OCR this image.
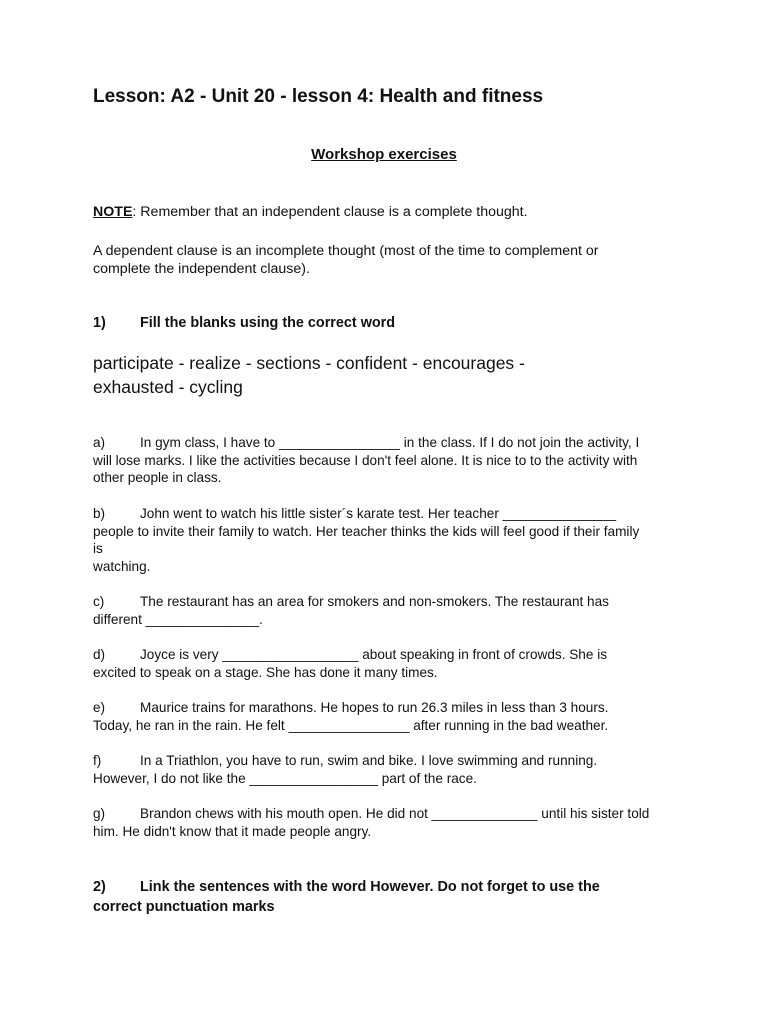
Lesson: A2 - Unit 20 - lesson 4: Health and fitness
Workshop exercises

NOTE: Remember that an independent clause is a complete thought.

A dependent clause is an incomplete thought (most of the time to complement or
complete the independent clause).

1) Fill the blanks using the correct word
participate - realize - sections - confident - encourages -
exhausted - cycling
a)	In gym class, I have to ________________ in the class. If I do not join the activity, I
will lose marks. I like the activities because I don't feel alone. It is nice to to the activity with
other people in class.
b)	John went to watch his little sister´s karate test. Her teacher _______________
people to invite their family to watch. Her teacher thinks the kids will feel good if their family
is
watching.
c)	The restaurant has an area for smokers and non-smokers. The restaurant has
different _______________.
d)	Joyce is very __________________ about speaking in front of crowds. She is
excited to speak on a stage. She has done it many times.
e)	Maurice trains for marathons. He hopes to run 26.3 miles in less than 3 hours.
Today, he ran in the rain. He felt ________________ after running in the bad weather.
f)	In a Triathlon, you have to run, swim and bike. I love swimming and running.
However, I do not like the _________________ part of the race.
g)	Brandon chews with his mouth open. He did not ______________ until his sister told
him. He didn't know that it made people angry.
2) Link the sentences with the word However. Do not forget to use the
correct punctuation marks
